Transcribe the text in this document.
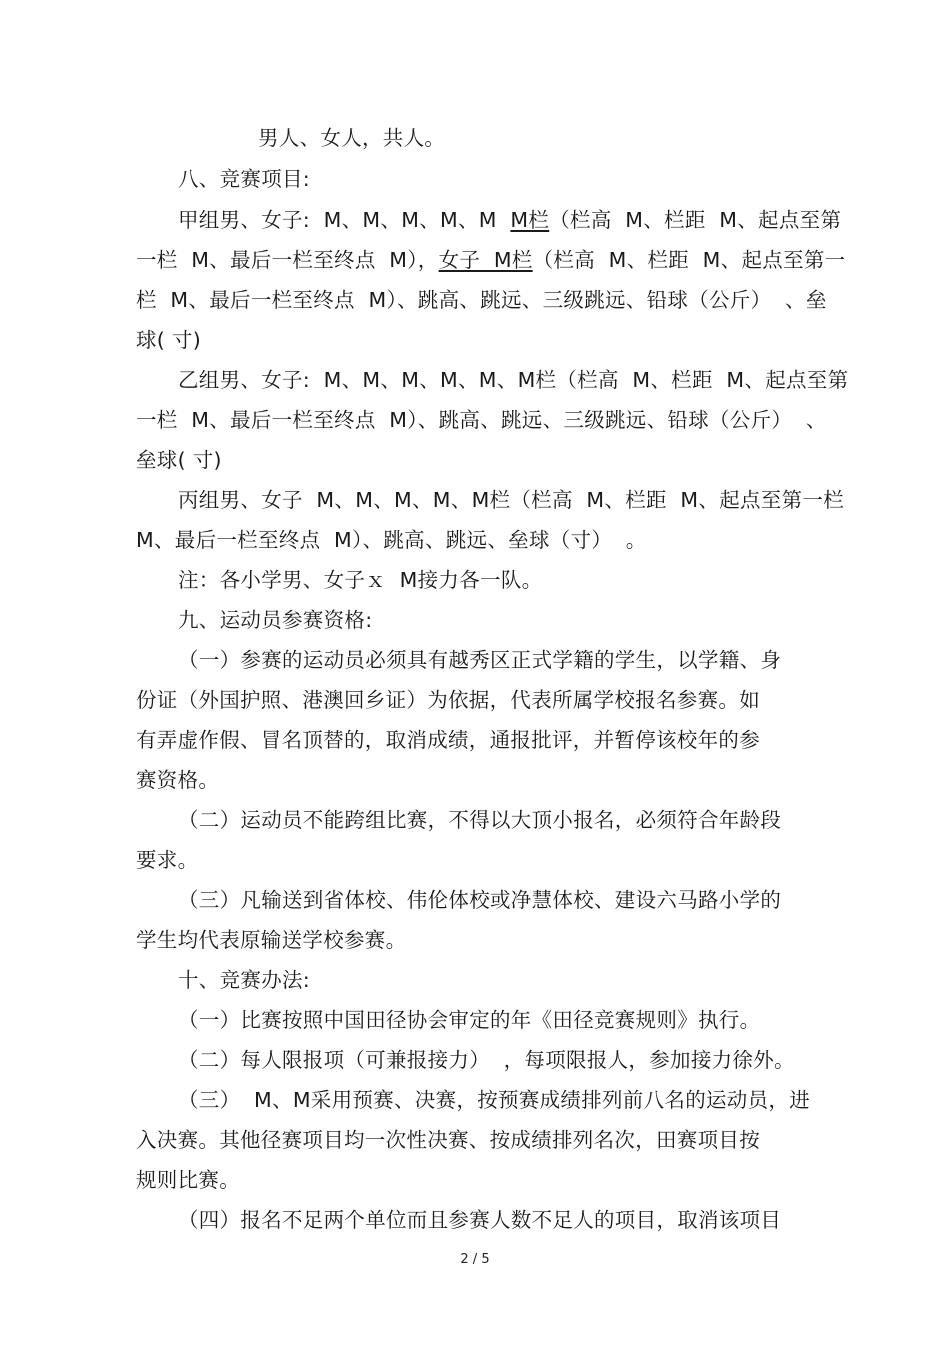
男人、女人，共人。
八、竞赛项目:
甲组男、女子:  M、M、M、M、M  M栏（栏高  M、栏距  M、起点至第
一栏  M、最后一栏至终点  M），女子  M栏（栏高  M、栏距  M、起点至第一
栏  M、最后一栏至终点  M）、跳高、跳远、三级跳远、铅球（公斤）  、垒
球( 寸)
乙组男、女子:  M、M、M、M、M、M栏（栏高  M、栏距  M、起点至第
一栏  M、最后一栏至终点  M）、跳高、跳远、三级跳远、铅球（公斤）  、
垒球( 寸)
丙组男、女子  M、M、M、M、M栏（栏高  M、栏距  M、起点至第一栏
M、最后一栏至终点  M）、跳高、跳远、垒球（寸）  。
注：各小学男、女子ｘ  M接力各一队。
九、运动员参赛资格:
（一）参赛的运动员必须具有越秀区正式学籍的学生，以学籍、身
份证（外国护照、港澳回乡证）为依据，代表所属学校报名参赛。如
有弄虚作假、冒名顶替的，取消成绩，通报批评，并暂停该校年的参
赛资格。
（二）运动员不能跨组比赛，不得以大顶小报名，必须符合年龄段
要求。
（三）凡输送到省体校、伟伦体校或净慧体校、建设六马路小学的
学生均代表原输送学校参赛。
十、竞赛办法:
（一）比赛按照中国田径协会审定的年《田径竞赛规则》执行。
（二）每人限报项（可兼报接力）  ，每项限报人，参加接力徐外。
（三）  M、M采用预赛、决赛，按预赛成绩排列前八名的运动员，进
入决赛。其他径赛项目均一次性决赛、按成绩排列名次，田赛项目按
规则比赛。
（四）报名不足两个单位而且参赛人数不足人的项目，取消该项目
2 / 5
